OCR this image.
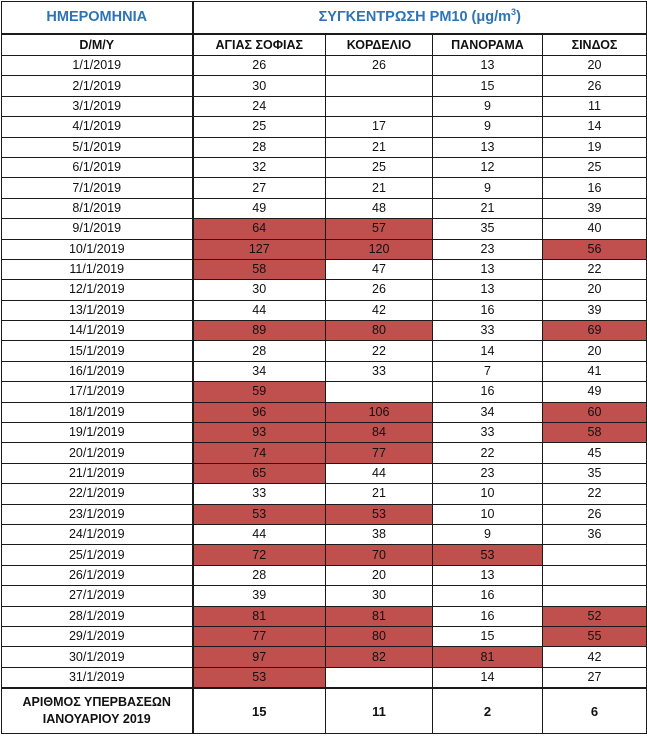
ΗΜΕΡΟΜΗΝΙΑ	ΣΥΓΚΕΝΤΡΩΣΗ PM10 $(\mu g/m^3)$			
D/M/Y	ΑΓΙΑΣ ΣΟΦΙΑΣ	ΚΟΡΔΕΛΙΟ	ΠΑΝΟΡΑΜΑ	ΣΙΝΔΟΣ
1/1/2019	26	26	13	20
2/1/2019	30		15	26
3/1/2019	24		9	11
4/1/2019	25	17	9	14
5/1/2019	28	21	13	19
6/1/2019	32	25	12	25
7/1/2019	27	21	9	16
8/1/2019	49	48	21	39
9/1/2019	64	57	35	40
10/1/2019	127	120	23	56
11/1/2019	58	47	13	22
12/1/2019	30	26	13	20
13/1/2019	44	42	16	39
14/1/2019	89	80	33	69
15/1/2019	28	22	14	20
16/1/2019	34	33	7	41
17/1/2019	59		16	49
18/1/2019	96	106	34	60
19/1/2019	93	84	33	58
20/1/2019	74	77	22	45
21/1/2019	65	44	23	35
22/1/2019	33	21	10	22
23/1/2019	53	53	10	26
24/1/2019	44	38	9	36
25/1/2019	72	70	53	
26/1/2019	28	20	13	
27/1/2019	39	30	16	
28/1/2019	81	81	16	52
29/1/2019	77	80	15	55
30/1/2019	97	82	81	42
31/1/2019	53		14	27

ΑΡΙΘΜΟΣ ΥΠΕΡΒΑΣΕΩΝ
ΙΑΝΟΥΑΡΙΟΥ 2019	15	11	2	6
